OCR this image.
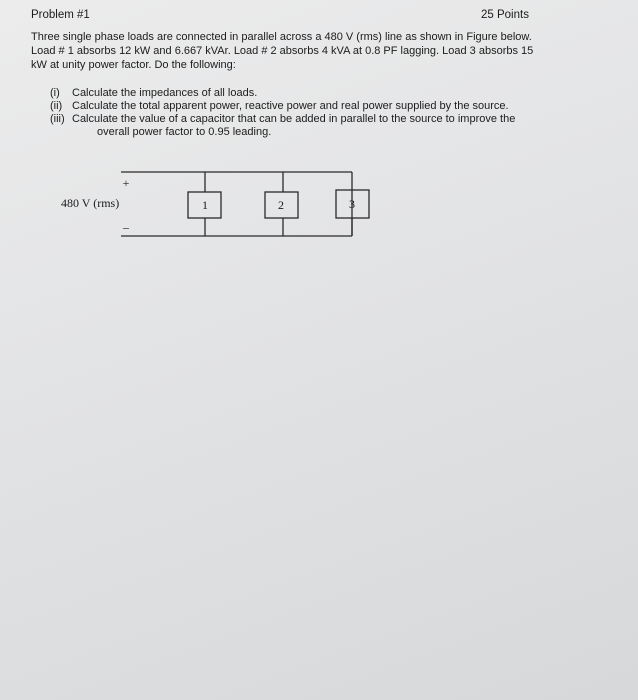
Problem #1	25 Points
Three single phase loads are connected in parallel across a 480 V (rms) line as shown in Figure below.
Load # 1 absorbs 12 kW and 6.667 kVAr. Load # 2 absorbs 4 kVA at 0.8 PF lagging. Load 3 absorbs 15
kW at unity power factor. Do the following:
(i)	Calculate the impedances of all loads.
(ii) Calculate the total apparent power, reactive power and real power supplied by the source.
(iii) Calculate the value of a capacitor that can be added in parallel to the source to improve the
overall power factor to 0.95 leading.
+
480 V (rms)
–
1	2	3
